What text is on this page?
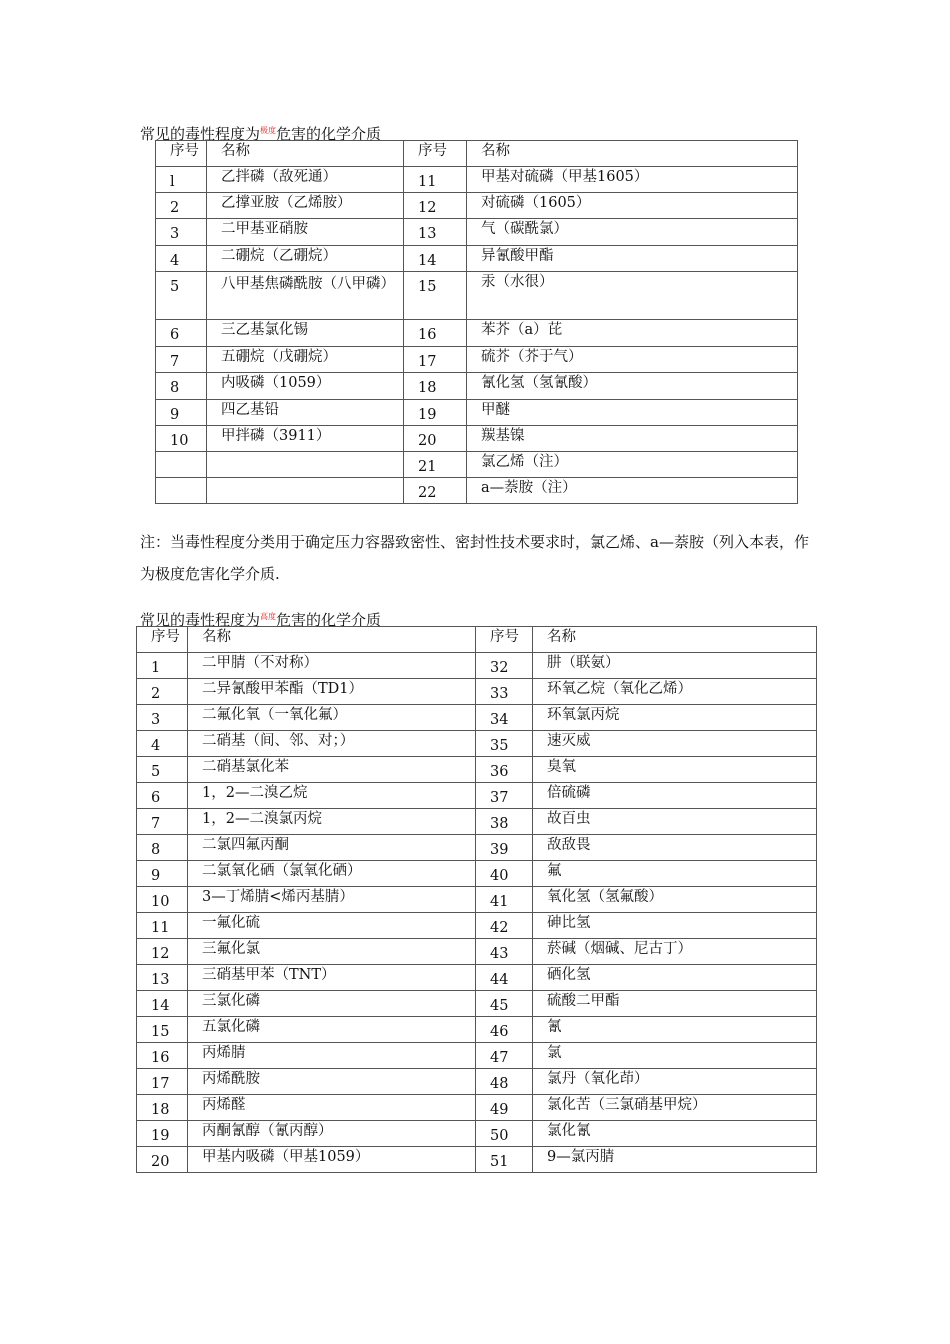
常见的毒性程度为$^{极度}$危害的化学介质
序号	名称	序号	名称
l	乙拌磷（敌死通）	11	甲基对硫磷（甲基1605）
2	乙撑亚胺（乙烯胺）	12	对硫磷（1605）
3	二甲基亚硝胺	13	气（碳酰氯）
4	二硼烷（乙硼烷）	14	异氰酸甲酯
5	八甲基焦磷酰胺（八甲磷）	15	汞（水很）
6	三乙基氯化锡	16	苯芥（a）芘
7	五硼烷（戊硼烷）	17	硫芥（芥于气）
8	内吸磷（1059）	18	氰化氢（氢氰酸）
9	四乙基铅	19	甲醚
10	甲拌磷（3911）	20	羰基镍
		21	氯乙烯（注）
		22	a—萘胺（注）
注：当毒性程度分类用于确定压力容器致密性、密封性技术要求时，氯乙烯、a—萘胺（列入本表，作为极度危害化学介质.
常见的毒性程度为$^{高度}$危害的化学介质
序号	名称	序号	名称
1	二甲腈（不对称）	32	肼（联氨）
2	二异氰酸甲苯酯（TD1）	33	环氧乙烷（氧化乙烯）
3	二氟化氧（一氧化氟）	34	环氧氯丙烷
4	二硝基（间、邻、对；）	35	速灭威
5	二硝基氯化苯	36	臭氧
6	1，2—二溴乙烷	37	倍硫磷
7	1，2—二溴氯丙烷	38	故百虫
8	二氯四氟丙酮	39	敌敌畏
9	二氯氧化硒（氯氧化硒）	40	氟
10	3—丁烯腈<烯丙基腈）	41	氧化氢（氢氟酸）
11	一氟化硫	42	砷比氢
12	三氟化氯	43	菸碱（烟碱、尼古丁）
13	三硝基甲苯（TNT）	44	硒化氢
14	三氯化磷	45	硫酸二甲酯
15	五氯化磷	46	氰
16	丙烯腈	47	氯
17	丙烯酰胺	48	氯丹（氧化茚）
18	丙烯醛	49	氯化苦（三氯硝基甲烷）
19	丙酮氰醇（氰丙醇）	50	氯化氰
20	甲基内吸磷（甲基1059）	51	9—氯丙腈
